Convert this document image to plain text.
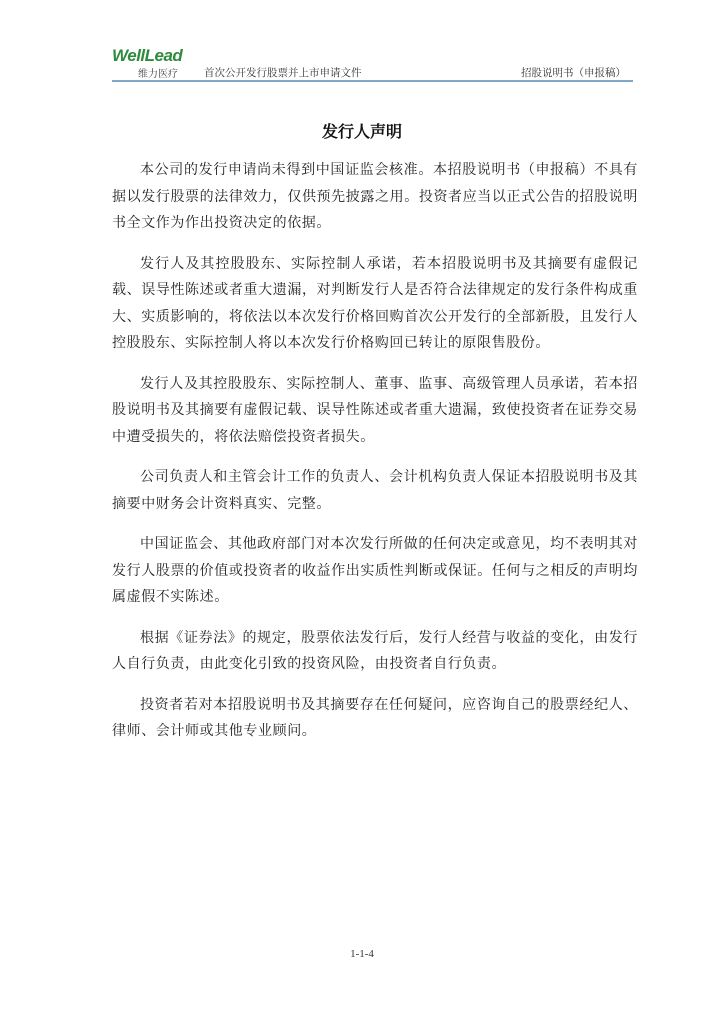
WellLead
维力医疗 首次公开发行股票并上市申请文件	招股说明书（申报稿）
发行人声明

本公司的发行申请尚未得到中国证监会核准。本招股说明书（申报稿）不具有据以发行股票的法律效力，仅供预先披露之用。投资者应当以正式公告的招股说明书全文作为作出投资决定的依据。

发行人及其控股股东、实际控制人承诺，若本招股说明书及其摘要有虚假记载、误导性陈述或者重大遗漏，对判断发行人是否符合法律规定的发行条件构成重大、实质影响的，将依法以本次发行价格回购首次公开发行的全部新股，且发行人控股股东、实际控制人将以本次发行价格购回已转让的原限售股份。

发行人及其控股股东、实际控制人、董事、监事、高级管理人员承诺，若本招股说明书及其摘要有虚假记载、误导性陈述或者重大遗漏，致使投资者在证券交易中遭受损失的，将依法赔偿投资者损失。

公司负责人和主管会计工作的负责人、会计机构负责人保证本招股说明书及其摘要中财务会计资料真实、完整。

中国证监会、其他政府部门对本次发行所做的任何决定或意见，均不表明其对发行人股票的价值或投资者的收益作出实质性判断或保证。任何与之相反的声明均属虚假不实陈述。

根据《证券法》的规定，股票依法发行后，发行人经营与收益的变化，由发行人自行负责，由此变化引致的投资风险，由投资者自行负责。

投资者若对本招股说明书及其摘要存在任何疑问，应咨询自己的股票经纪人、律师、会计师或其他专业顾问。

1-1-4
